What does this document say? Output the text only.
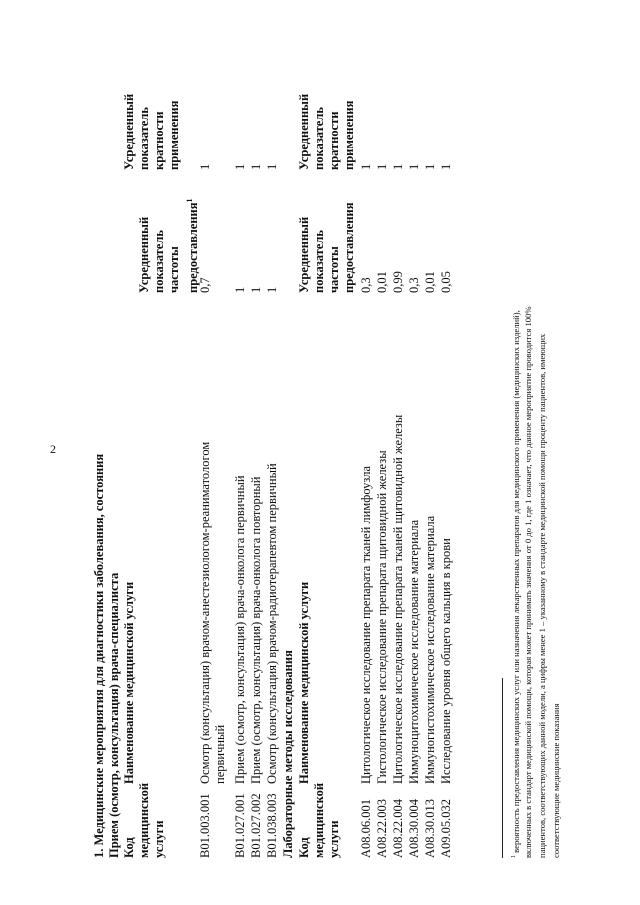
2
1. Медицинские мероприятия для диагностики заболевания, состояния Прием (осмотр, консультация) врача-специалиста Код медицинской услуги
Наименование медицинской услуги
Усредненный показатель частоты предоставления$^1$
Усредненный показатель кратности применения
B01.003.001
Осмотр (консультация) врачом-анестезиологом-реаниматологом первичный
0,7
1
B01.027.001
Прием (осмотр, консультация) врача-онколога первичный
1
1
B01.027.002
Прием (осмотр, консультация) врача-онколога повторный
1
1
B01.038.003
Осмотр (консультация) врачом-радиотерапевтом первичный
1
1
Лабораторные методы исследования Код медицинской услуги
Наименование медицинской услуги
Усредненный показатель частоты предоставления
Усредненный показатель кратности применения
A08.06.001
Цитологическое исследование препарата тканей лимфоузла
0,3
1
A08.22.003
Гистологическое исследование препарата щитовидной железы
0,01
1
A08.22.004
Цитологическое исследование препарата тканей щитовидной железы
0,99
1
A08.30.004
Иммуноцитохимическое исследование материала
0,3
1
A08.30.013
Иммуногистохимическое исследование материала
0,01
1
A09.05.032
Исследование уровня общего кальция в крови
0,05
1
$^1$ вероятность предоставления медицинских услуг или назначения лекарственных препаратов для медицинского применения (медицинских изделий), включенных в стандарт медицинской помощи, которая может принимать значения от 0 до 1, где 1 означает, что данное мероприятие проводится 100% пациентов, соответствующих данной модели, а цифры менее 1 – указанному в стандарте медицинской помощи проценту пациентов, имеющих соответствующие медицинские показания
